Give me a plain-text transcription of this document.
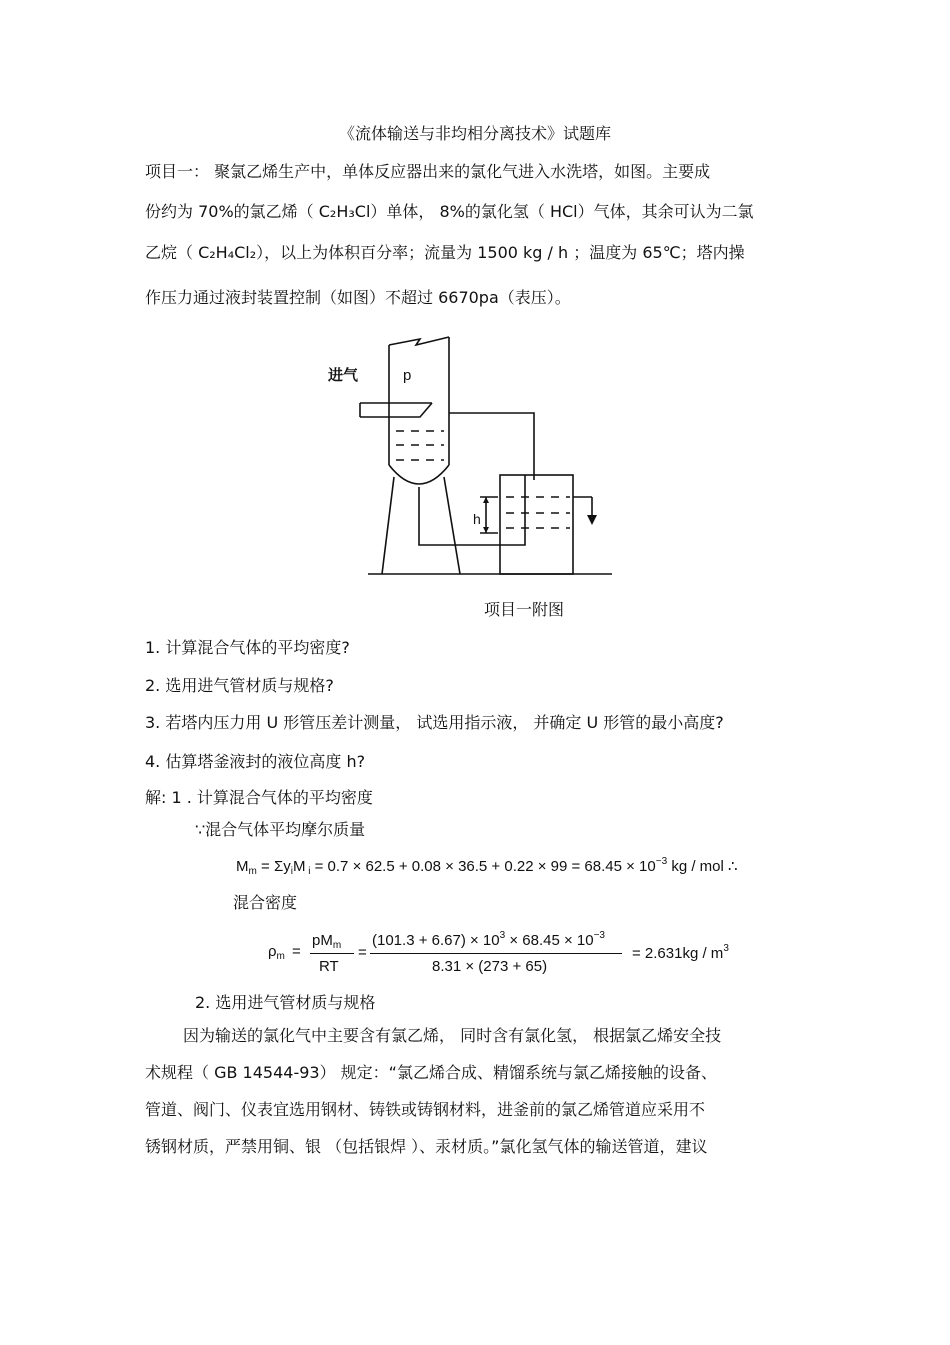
《流体输送与非均相分离技术》试题库
项目一： 聚氯乙烯生产中，单体反应器出来的氯化气进入水洗塔，如图。主要成
份约为 70%的氯乙烯（ C₂H₃Cl）单体， 8%的氯化氢（ HCl）气体，其余可认为二氯
乙烷（ C₂H₄Cl₂），以上为体积百分率；流量为 1500 kg / h ；温度为 65℃；塔内操
作压力通过液封装置控制（如图）不超过 6670pa（表压）。
进气	p
h
项目一附图
1. 计算混合气体的平均密度?
2. 选用进气管材质与规格?
3. 若塔内压力用 U 形管压差计测量， 试选用指示液， 并确定 U 形管的最小高度?
4. 估算塔釜液封的液位高度 h?
解: 1 . 计算混合气体的平均密度
∵混合气体平均摩尔质量
$M_m = \Sigma y_iM$ $_i = 0.7 \times 62.5 + 0.08 \times 36.5 + 0.22 \times 99 = 68.45 \times 10^{-3}$ kg / mol ∴
混合密度
$\rho_m$ =
$pM_m$
RT
=
$(101.3 + 6.67) \times 10^3 \times 68.45 \times 10^{-3}$
8.31 × (273 + 65)
= $2.631kg / m^3$
2. 选用进气管材质与规格
因为输送的氯化气中主要含有氯乙烯， 同时含有氯化氢， 根据氯乙烯安全技
术规程（ GB 14544-93） 规定：“氯乙烯合成、精馏系统与氯乙烯接触的设备、
管道、阀门、仪表宜选用钢材、铸铁或铸钢材料，进釜前的氯乙烯管道应采用不
锈钢材质，严禁用铜、银 （包括银焊 ）、汞材质。”氯化氢气体的输送管道，建议
